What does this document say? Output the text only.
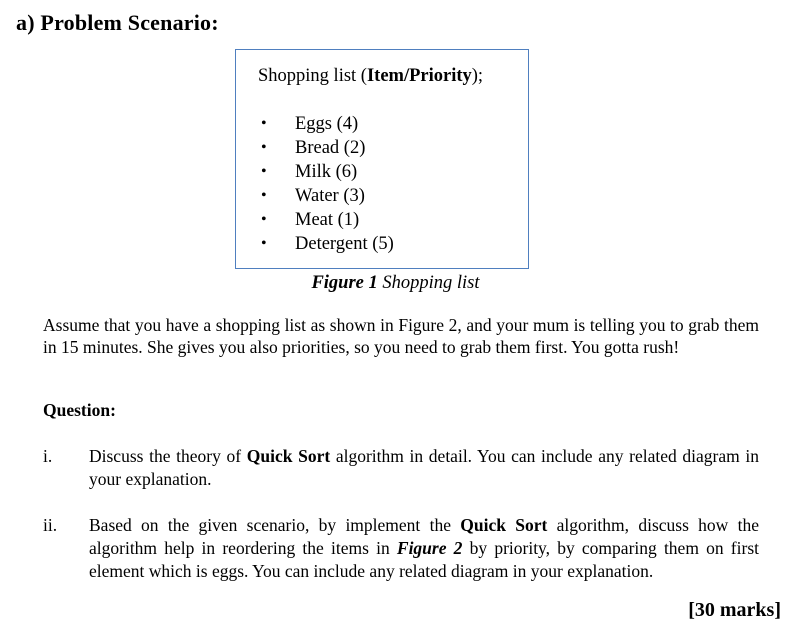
a) Problem Scenario:
Shopping list (Item/Priority);
• Eggs (4)
• Bread (2)
• Milk (6)
• Water (3)
• Meat (1)
• Detergent (5)
Figure 1 Shopping list
Assume that you have a shopping list as shown in Figure 2, and your mum is telling you to grab them in 15 minutes. She gives you also priorities, so you need to grab them first. You gotta rush!
Question:
i. Discuss the theory of Quick Sort algorithm in detail. You can include any related diagram in your explanation.
ii. Based on the given scenario, by implement the Quick Sort algorithm, discuss how the algorithm help in reordering the items in Figure 2 by priority, by comparing them on first element which is eggs. You can include any related diagram in your explanation.
[30 marks]
